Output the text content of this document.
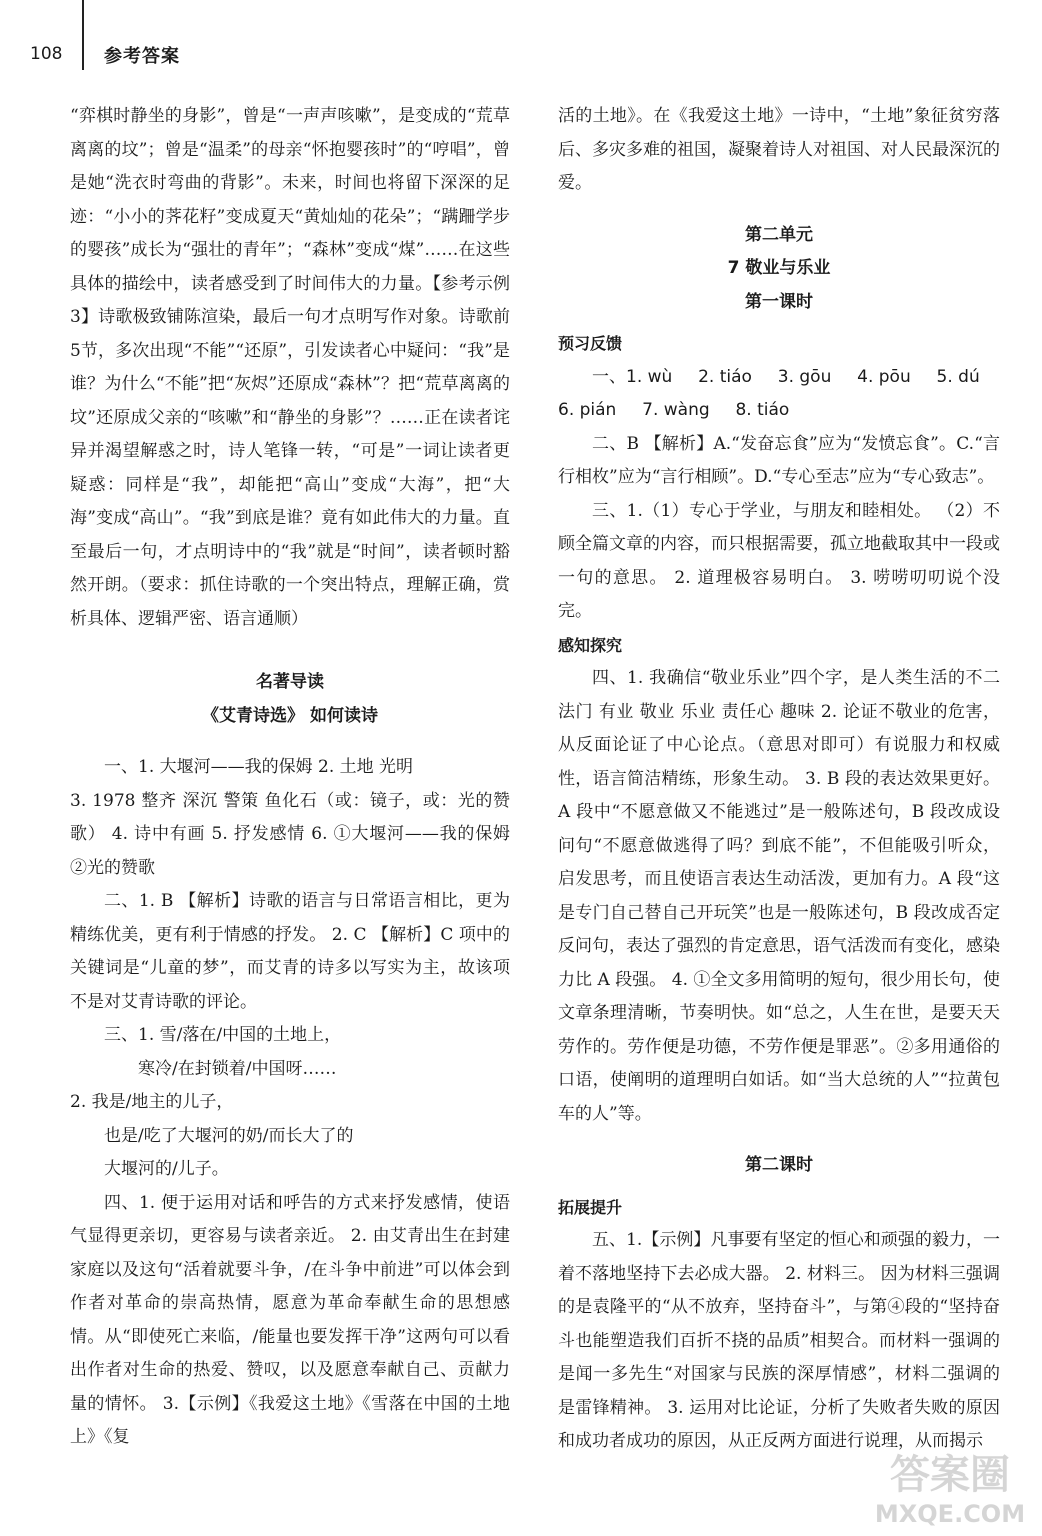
108 参考答案

“弈棋时静坐的身影”，曾是“一声声咳嗽”，是变成的“荒草离离的坟”；曾是“温柔”的母亲“怀抱婴孩时”的“哼唱”，曾是她“洗衣时弯曲的背影”。未来，时间也将留下深深的足迹：“小小的荠花籽”变成夏天“黄灿灿的花朵”；“蹒跚学步的婴孩”成长为“强壮的青年”；“森林”变成“煤”……在这些具体的描绘中，读者感受到了时间伟大的力量。【参考示例3】诗歌极致铺陈渲染，最后一句才点明写作对象。诗歌前5节，多次出现“不能”“还原”，引发读者心中疑问：“我”是谁？为什么“不能”把“灰烬”还原成“森林”？把“荒草离离的坟”还原成父亲的“咳嗽”和“静坐的身影”？……正在读者诧异并渴望解惑之时，诗人笔锋一转，“可是”一词让读者更疑惑：同样是“我”，却能把“高山”变成“大海”，把“大海”变成“高山”。“我”到底是谁？竟有如此伟大的力量。直至最后一句，才点明诗中的“我”就是“时间”，读者顿时豁然开朗。（要求：抓住诗歌的一个突出特点，理解正确，赏析具体、逻辑严密、语言通顺）

名著导读

《艾青诗选》 如何读诗

一、1. 大堰河——我的保姆 2. 土地 光明

3. 1978 整齐 深沉 警策 鱼化石（或：镜子，或：光的赞歌） 4. 诗中有画 5. 抒发感情 6. ①大堰河——我的保姆 ②光的赞歌

二、1. B 【解析】诗歌的语言与日常语言相比，更为精练优美，更有利于情感的抒发。 2. C 【解析】C 项中的关键词是“儿童的梦”，而艾青的诗多以写实为主，故该项不是对艾青诗歌的评论。

三、1. 雪/落在/中国的土地上，

寒冷/在封锁着/中国呀……

2. 我是/地主的儿子，

也是/吃了大堰河的奶/而长大了的

大堰河的/儿子。

四、1. 便于运用对话和呼告的方式来抒发感情，使语气显得更亲切，更容易与读者亲近。 2. 由艾青出生在封建家庭以及这句“活着就要斗争，/在斗争中前进”可以体会到作者对革命的崇高热情，愿意为革命奉献生命的思想感情。从“即使死亡来临，/能量也要发挥干净”这两句可以看出作者对生命的热爱、赞叹，以及愿意奉献自己、贡献力量的情怀。 3.【示例】《我爱这土地》《雪落在中国的土地上》《复

活的土地》。在《我爱这土地》一诗中，“土地”象征贫穷落后、多灾多难的祖国，凝聚着诗人对祖国、对人民最深沉的爱。

第二单元

7 敬业与乐业

第一课时

预习反馈

一、1. wù 2. tiáo 3. gōu 4. pōu 5. dú

6. pián 7. wàng 8. tiáo

二、B 【解析】A.“发奋忘食”应为“发愤忘食”。C.“言行相枚”应为“言行相顾”。D.“专心至志”应为“专心致志”。

三、1.（1）专心于学业，与朋友和睦相处。 （2）不顾全篇文章的内容，而只根据需要，孤立地截取其中一段或一句的意思。 2. 道理极容易明白。 3. 唠唠叨叨说个没完。

感知探究

四、1. 我确信“敬业乐业”四个字，是人类生活的不二法门 有业 敬业 乐业 责任心 趣味 2. 论证不敬业的危害，从反面论证了中心论点。（意思对即可）有说服力和权威性，语言简洁精练，形象生动。 3. B 段的表达效果更好。 A 段中“不愿意做又不能逃过”是一般陈述句，B 段改成设问句“不愿意做逃得了吗？到底不能”，不但能吸引听众，启发思考，而且使语言表达生动活泼，更加有力。A 段“这是专门自己替自己开玩笑”也是一般陈述句，B 段改成否定反问句，表达了强烈的肯定意思，语气活泼而有变化，感染力比 A 段强。 4. ①全文多用简明的短句，很少用长句，使文章条理清晰，节奏明快。如“总之，人生在世，是要天天劳作的。劳作便是功德，不劳作便是罪恶”。②多用通俗的口语，使阐明的道理明白如话。如“当大总统的人”“拉黄包车的人”等。

第二课时

拓展提升

五、1.【示例】凡事要有坚定的恒心和顽强的毅力，一着不落地坚持下去必成大器。 2. 材料三。 因为材料三强调的是袁隆平的“从不放弃，坚持奋斗”，与第④段的“坚持奋斗也能塑造我们百折不挠的品质”相契合。而材料一强调的是闻一多先生“对国家与民族的深厚情感”，材料二强调的是雷锋精神。 3. 运用对比论证，分析了失败者失败的原因和成功者成功的原因，从正反两方面进行说理，从而揭示

答案圈
MXQE.COM
